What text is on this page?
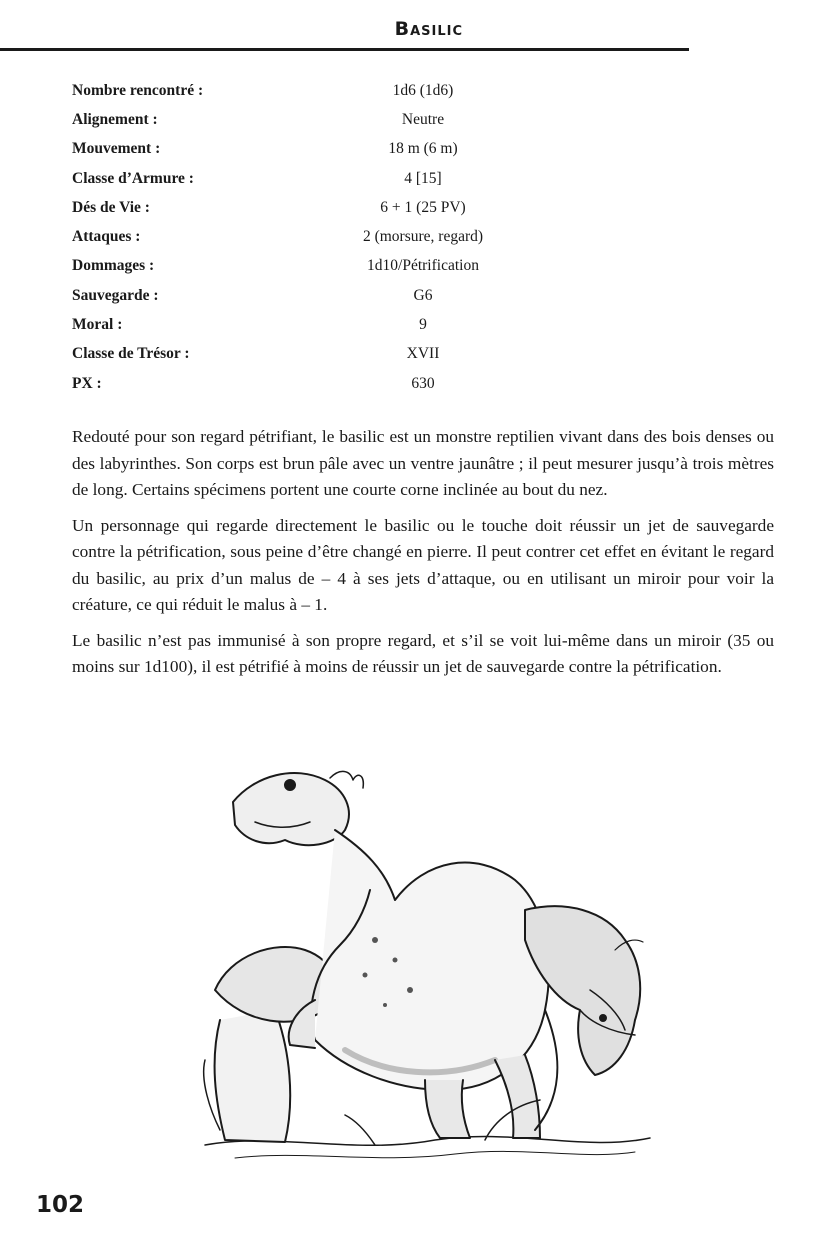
Basilic
Nombre rencontré :	1d6 (1d6)
Alignement :	Neutre
Mouvement :	18 m (6 m)
Classe d’Armure :	4 [15]
Dés de Vie :	6 + 1 (25 PV)
Attaques :	2 (morsure, regard)
Dommages :	1d10/Pétrification
Sauvegarde :	G6
Moral :	9
Classe de Trésor :	XVII
PX :	630

Redouté pour son regard pétrifiant, le basilic est un monstre reptilien vivant dans des bois denses ou des labyrinthes. Son corps est brun pâle avec un ventre jaunâtre ; il peut mesurer jusqu’à trois mètres de long. Certains spécimens portent une courte corne inclinée au bout du nez.

Un personnage qui regarde directement le basilic ou le touche doit réussir un jet de sauvegarde contre la pétrification, sous peine d’être changé en pierre. Il peut contrer cet effet en évitant le regard du basilic, au prix d’un malus de – 4 à ses jets d’attaque, ou en utilisant un miroir pour voir la créature, ce qui réduit le malus à – 1.

Le basilic n’est pas immunisé à son propre regard, et s’il se voit lui-même dans un miroir (35 ou moins sur 1d100), il est pétrifié à moins de réussir un jet de sauvegarde contre la pétrification.

102
